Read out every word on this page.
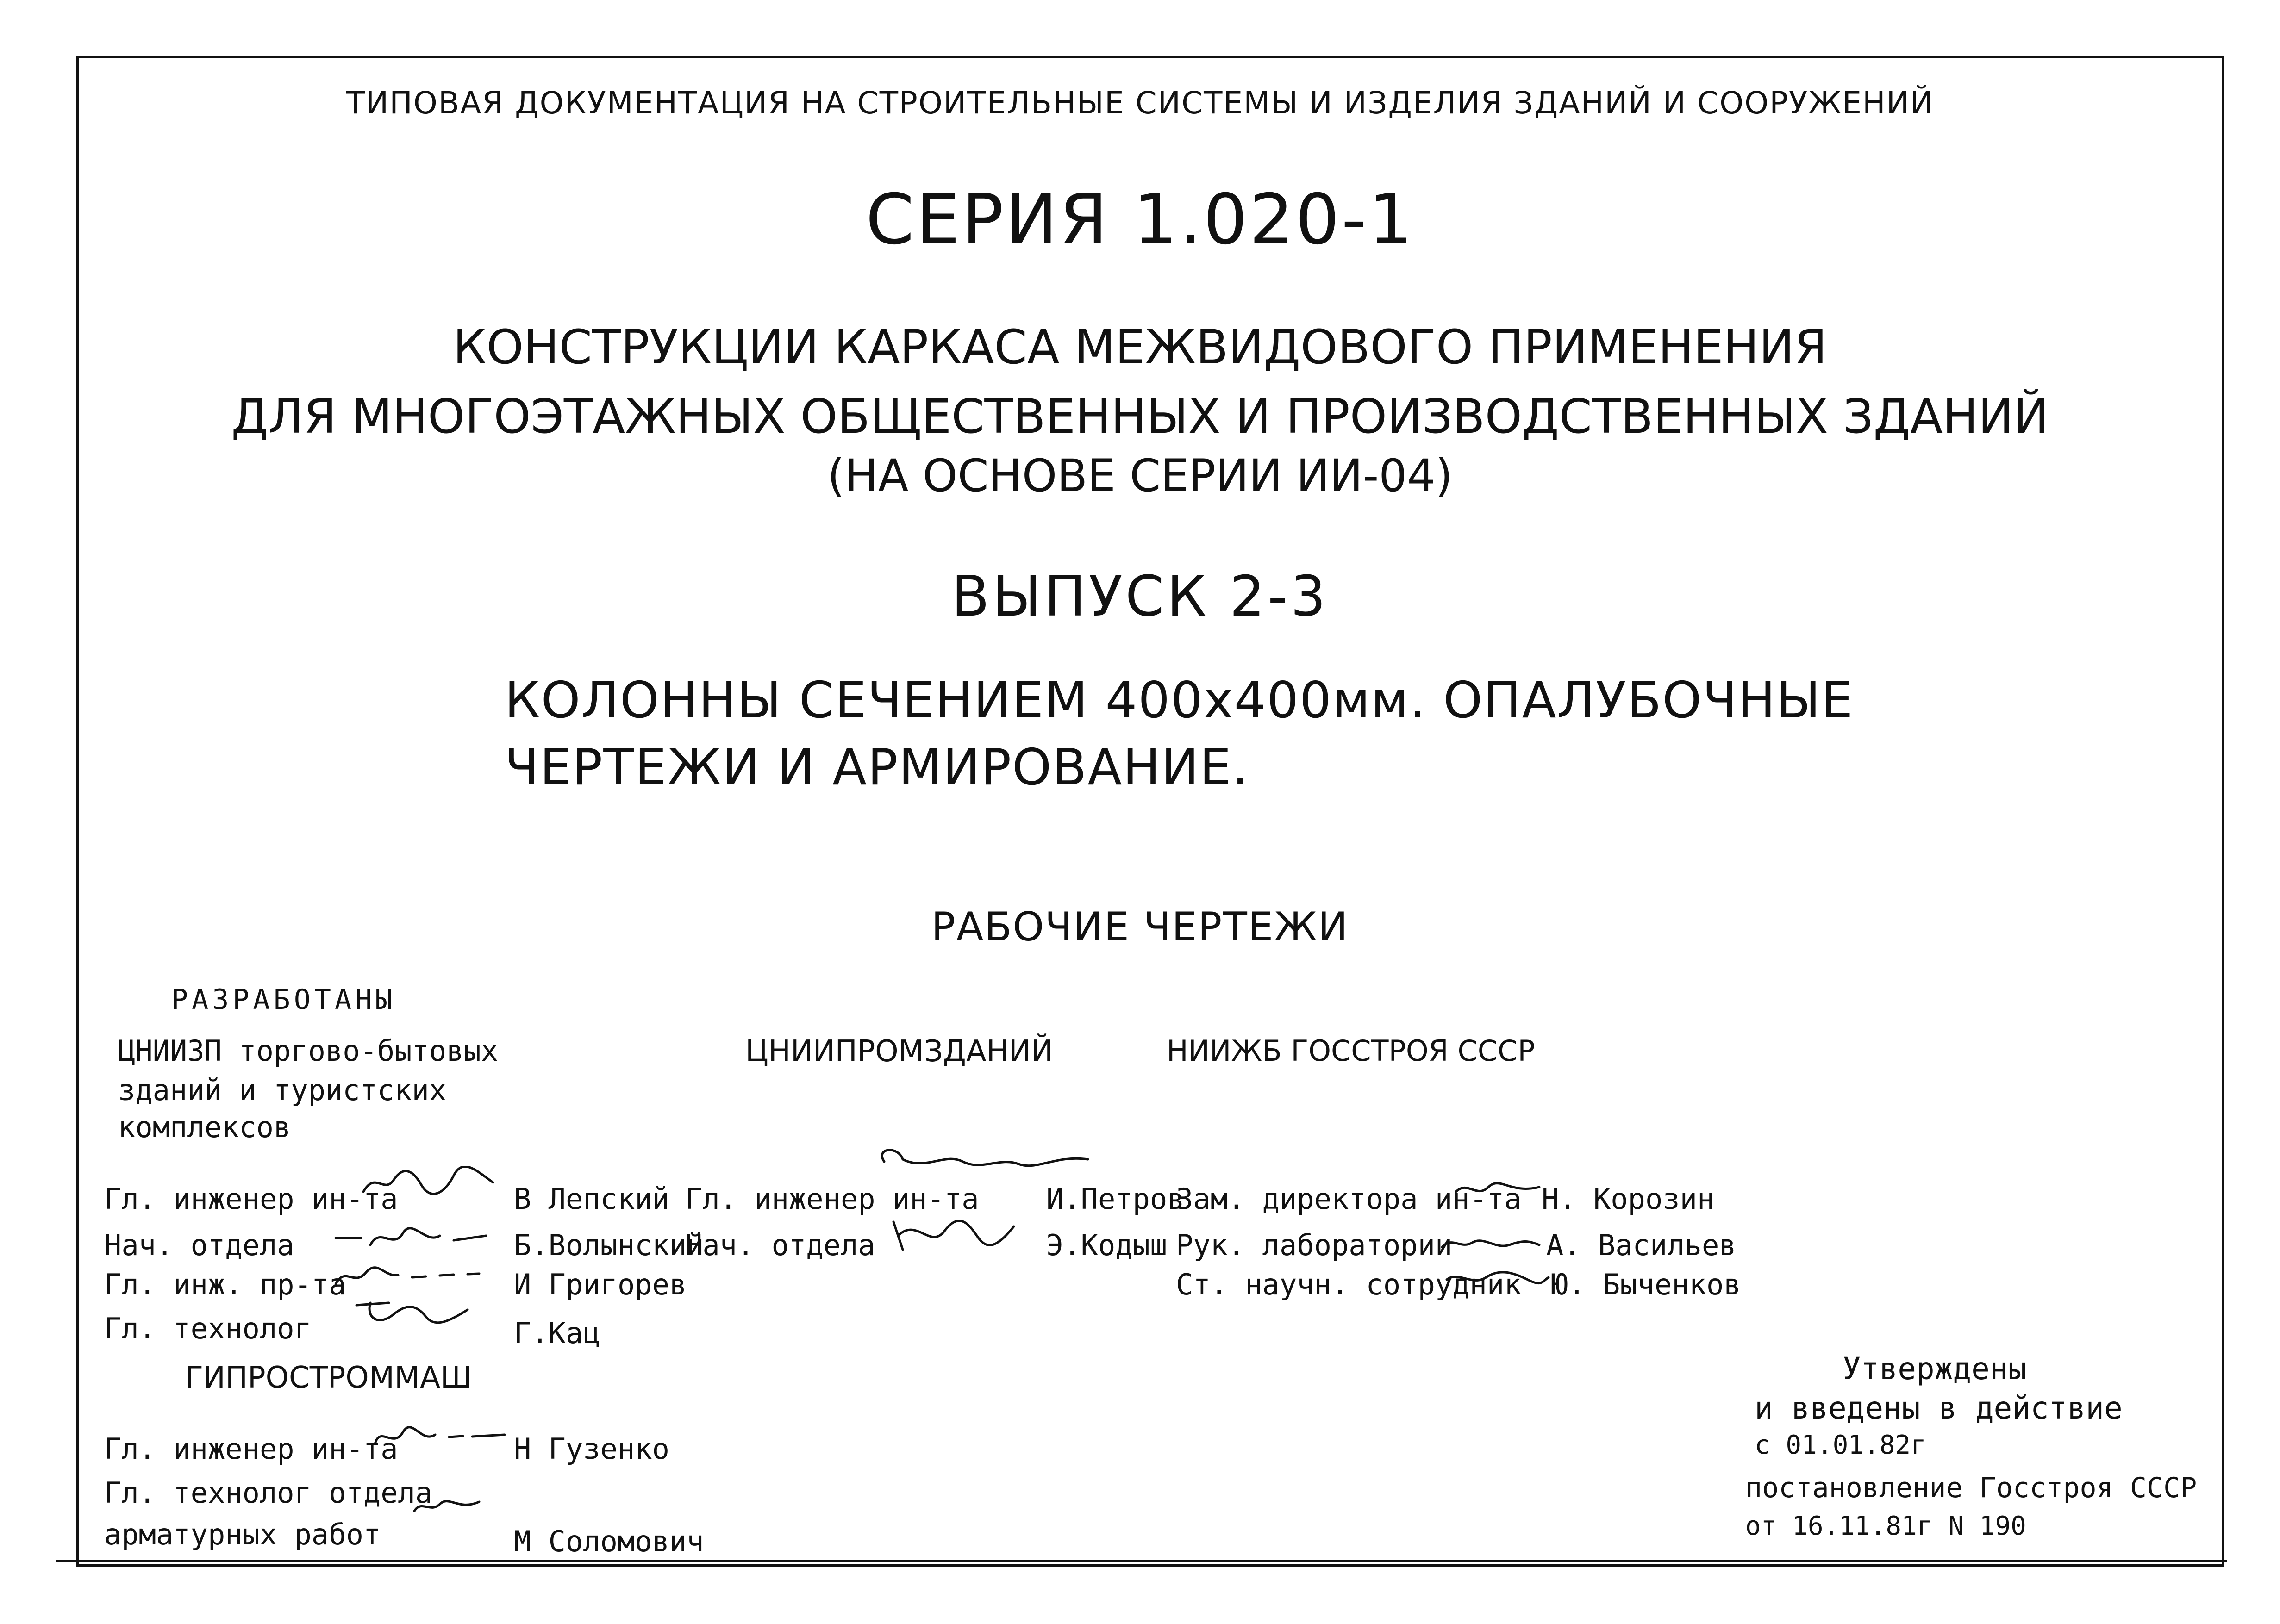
ТИПОВАЯ ДОКУМЕНТАЦИЯ НА СТРОИТЕЛЬНЫЕ СИСТЕМЫ И ИЗДЕЛИЯ ЗДАНИЙ И СООРУЖЕНИЙ
СЕРИЯ 1.020-1
КОНСТРУКЦИИ КАРКАСА МЕЖВИДОВОГО ПРИМЕНЕНИЯ
ДЛЯ МНОГОЭТАЖНЫХ ОБЩЕСТВЕННЫХ И ПРОИЗВОДСТВЕННЫХ ЗДАНИЙ
(НА ОСНОВЕ СЕРИИ ИИ-04)
ВЫПУСК 2-3
КОЛОННЫ СЕЧЕНИЕМ 400х400мм. ОПАЛУБОЧНЫЕ
ЧЕРТЕЖИ И АРМИРОВАНИЕ.
РАБОЧИЕ ЧЕРТЕЖИ
РАЗРАБОТАНЫ
ЦНИИЗП торгово-бытовых
зданий и туристских
комплексов
Гл. инженер ин-та	В Лепский
Нач. отдела	Б.Волынский
Гл. инж. пр-та	И Григорев
Гл. технолог	Г.Кац
ЦНИИПРОМЗДАНИЙ
Гл. инженер ин-та И.Петров
Нач. отдела	Э.Кодыш
НИИЖБ ГОССТРОЯ СССР
Зам. директора ин-та Н. Корозин
Рук. лаборатории	А. Васильев
Ст. научн. сотрудник Ю. Быченков
ГИПРОСТРОММАШ
Гл. инженер ин-та	Н Гузенко
Гл. технолог отдела
арматурных работ	М Соломович
Утверждены
и введены в действие
с 01.01.82г
постановление Госстроя СССР
от 16.11.81г N 190
